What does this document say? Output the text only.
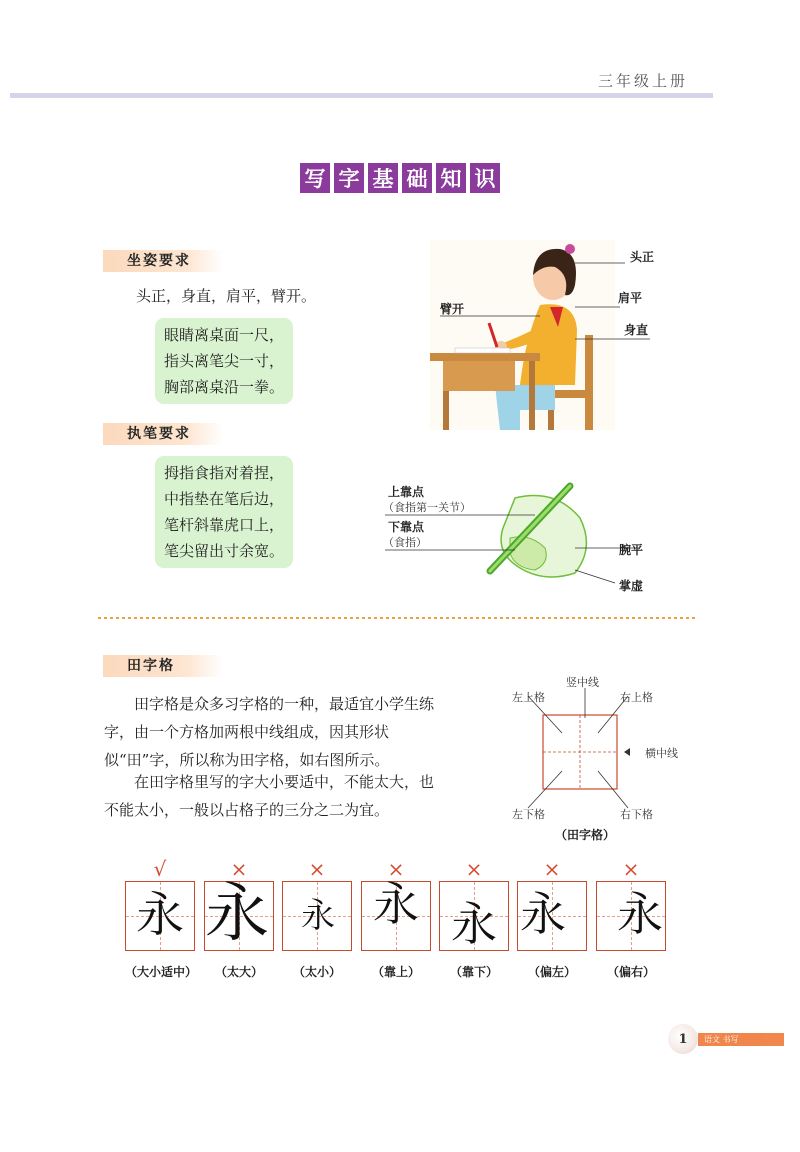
三年级上册
写 字 基 础 知 识
坐姿要求
头正，身直，肩平，臂开。
眼睛离桌面一尺，
指头离笔尖一寸，
胸部离桌沿一拳。
头正
肩平
臂开
身直
执笔要求
拇指食指对着捏，
中指垫在笔后边，
笔杆斜靠虎口上，
笔尖留出寸余宽。
上靠点
（食指第一关节）
下靠点
（食指）
腕平
掌虚
田字格
田字格是众多习字格的一种，最适宜小学生练字，由一个方格加两根中线组成，因其形状似“田”字，所以称为田字格，如右图所示。
在田字格里写的字大小要适中，不能太大，也不能太小，一般以占格子的三分之二为宜。
竖中线
左上格	右上格
横中线
左下格	右下格
（田字格）
√
永
（大小适中）
×
永
（太大）
×
永
（太小）
×
永
（靠上）
×
永
（靠下）
×
永
（偏左）
×
永
（偏右）
语文 书写
1
